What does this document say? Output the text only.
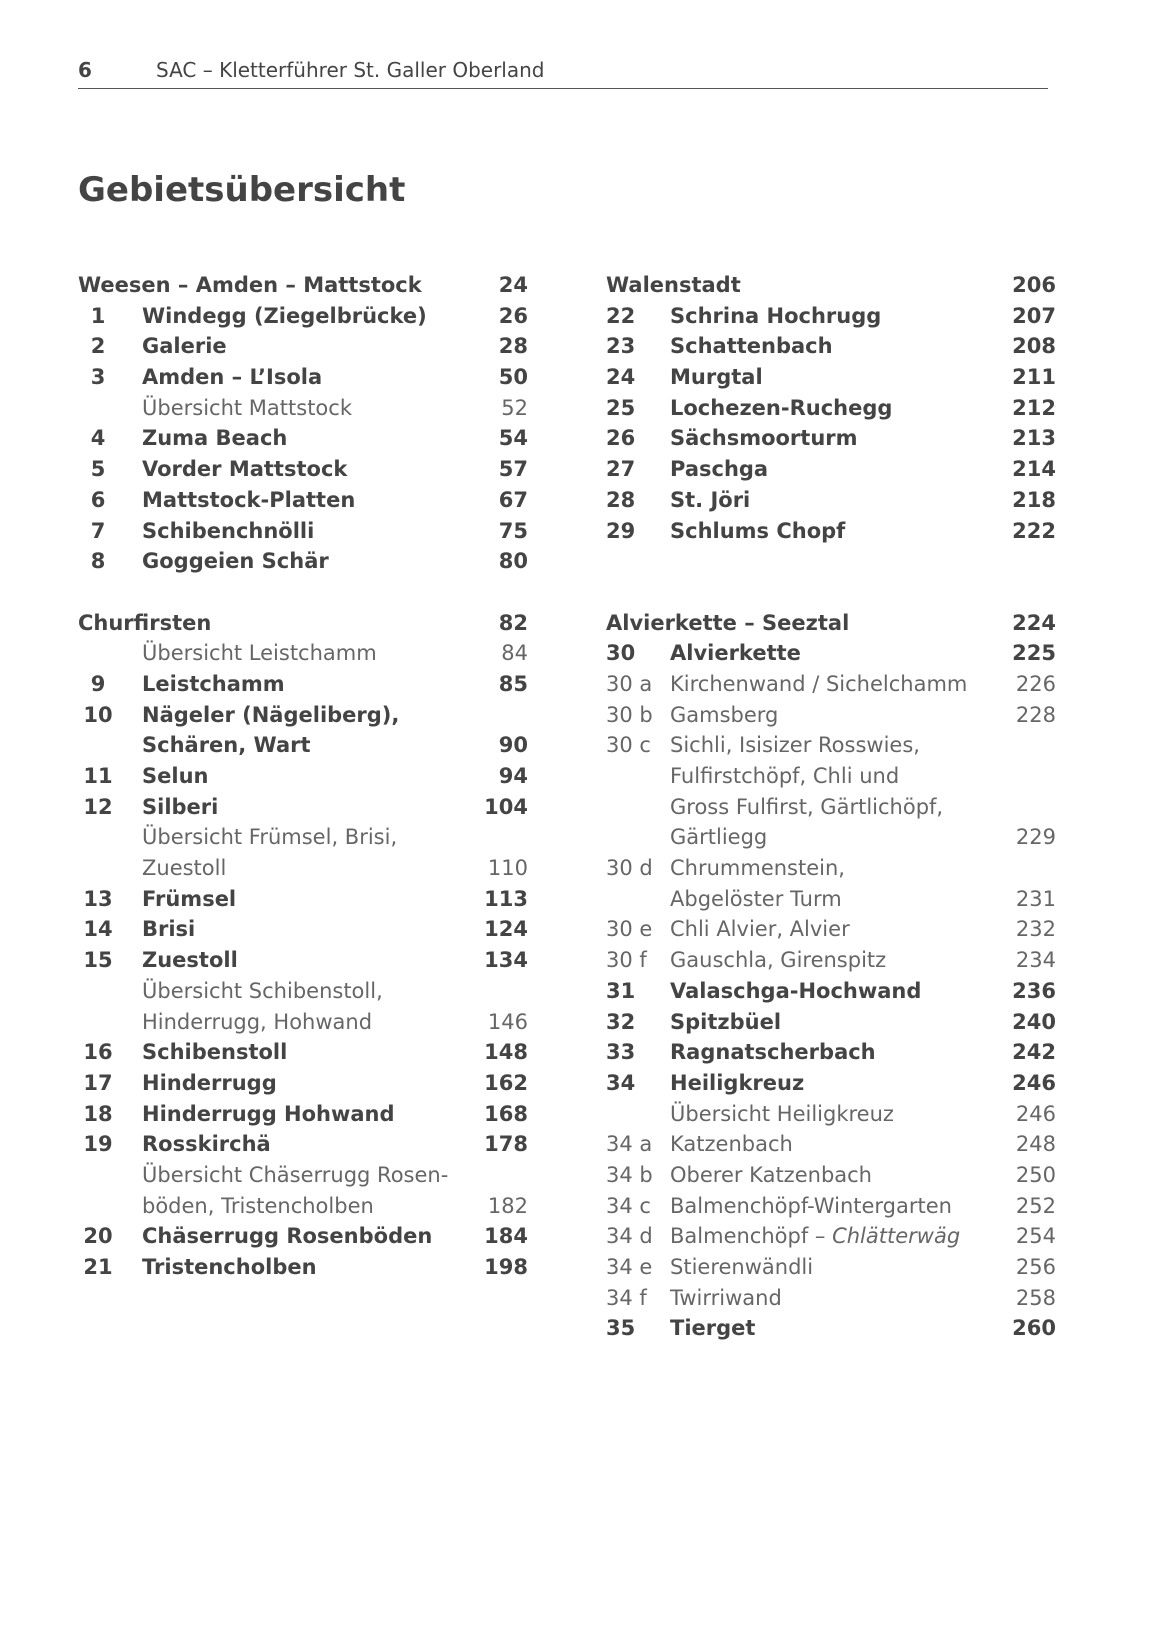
6	SAC – Kletterführer St. Galler Oberland
Gebietsübersicht
Weesen – Amden – Mattstock	24
1	Windegg (Ziegelbrücke)	26
2	Galerie	28
3	Amden – L’Isola	50
Übersicht Mattstock	52
4	Zuma Beach	54
5	Vorder Mattstock	57
6	Mattstock-Platten	67
7	Schibenchnölli	75
8	Goggeien Schär	80
Churfirsten	82
Übersicht Leistchamm	84
9	Leistchamm	85
10 Nägeler (Nägeliberg),
Schären, Wart	90
11 Selun	94
12 Silberi	104
Übersicht Frümsel, Brisi,
Zuestoll	110
13 Frümsel	113
14 Brisi	124
15 Zuestoll	134
Übersicht Schibenstoll,
Hinderrugg, Hohwand	146
16 Schibenstoll	148
17 Hinderrugg	162
18 Hinderrugg Hohwand	168
19 Rosskirchä	178
Übersicht Chäserrugg Rosen-
böden, Tristencholben	182
20 Chäserrugg Rosenböden 184
21 Tristencholben	198
Walenstadt	206
22	Schrina Hochrugg	207
23	Schattenbach	208
24	Murgtal	211
25	Lochezen-Ruchegg	212
26	Sächsmoorturm	213
27	Paschga	214
28	St. Jöri	218
29	Schlums Chopf	222
Alvierkette – Seeztal	224
30	Alvierkette	225
30 a Kirchenwand / Sichelchamm 226
30 b Gamsberg	228
30 c Sichli, Isisizer Rosswies,
Fulfirstchöpf, Chli und
Gross Fulfirst, Gärtlichöpf,
Gärtliegg	229
30 d Chrummenstein,
Abgelöster Turm	231
30 e Chli Alvier, Alvier	232
30 f	Gauschla, Girenspitz	234
31	Valaschga-Hochwand	236
32	Spitzbüel	240
33	Ragnatscherbach	242
34	Heiligkreuz	246
Übersicht Heiligkreuz	246
34 a Katzenbach	248
34 b Oberer Katzenbach	250
34 c Balmenchöpf-Wintergarten	252
34 d Balmenchöpf – Chlätterwäg	254
34 e Stierenwändli	256
34 f	Twirriwand	258
35	Tierget	260
